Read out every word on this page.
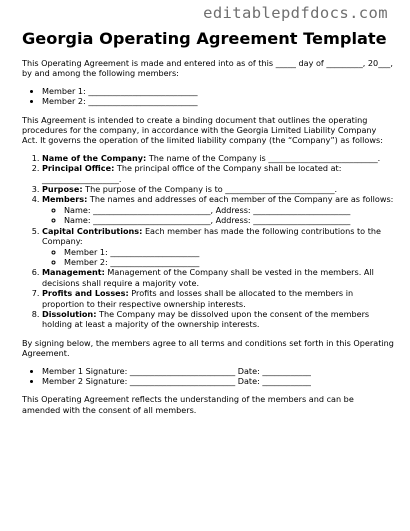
editablepdfdocs.com
Georgia Operating Agreement Template

This Operating Agreement is made and entered into as of this _____ day of _________, 20___, by and among the following members:

• Member 1: ___________________________
• Member 2: ___________________________

This Agreement is intended to create a binding document that outlines the operating procedures for the company, in accordance with the Georgia Limited Liability Company Act. It governs the operation of the limited liability company (the “Company”) as follows:

1. Name of the Company: The name of the Company is ___________________________.
2. Principal Office: The principal office of the Company shall be located at: ___________________.
3. Purpose: The purpose of the Company is to ___________________________.
4. Members: The names and addresses of each member of the Company are as follows:
◦ Name: _____________________________, Address: ________________________
◦ Name: _____________________________, Address: ________________________
5. Capital Contributions: Each member has made the following contributions to the Company:
◦ Member 1: ______________________
◦ Member 2: ______________________
6. Management: Management of the Company shall be vested in the members. All decisions shall require a majority vote.
7. Profits and Losses: Profits and losses shall be allocated to the members in proportion to their respective ownership interests.
8. Dissolution: The Company may be dissolved upon the consent of the members holding at least a majority of the ownership interests.

By signing below, the members agree to all terms and conditions set forth in this Operating Agreement.

• Member 1 Signature: __________________________ Date: ____________
• Member 2 Signature: __________________________ Date: ____________

This Operating Agreement reflects the understanding of the members and can be amended with the consent of all members.
